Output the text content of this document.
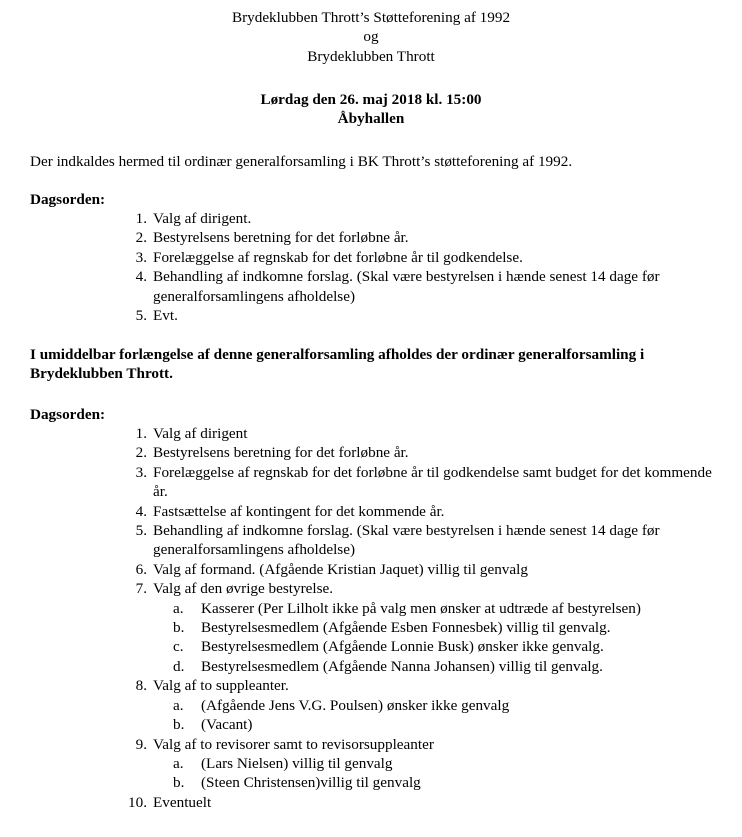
Brydeklubben Thrott’s Støtteforening af 1992
og
Brydeklubben Thrott
Lørdag den 26. maj 2018 kl. 15:00
Åbyhallen
Der indkaldes hermed til ordinær generalforsamling i BK Thrott’s støtteforening af 1992.
Dagsorden:
1. Valg af dirigent.
2. Bestyrelsens beretning for det forløbne år.
3. Forelæggelse af regnskab for det forløbne år til godkendelse.
4. Behandling af indkomne forslag. (Skal være bestyrelsen i hænde senest 14 dage før generalforsamlingens afholdelse)
5. Evt.
I umiddelbar forlængelse af denne generalforsamling afholdes der ordinær generalforsamling i Brydeklubben Thrott.
Dagsorden:
1. Valg af dirigent
2. Bestyrelsens beretning for det forløbne år.
3. Forelæggelse af regnskab for det forløbne år til godkendelse samt budget for det kommende år.
4. Fastsættelse af kontingent for det kommende år.
5. Behandling af indkomne forslag. (Skal være bestyrelsen i hænde senest 14 dage før generalforsamlingens afholdelse)
6. Valg af formand. (Afgående Kristian Jaquet) villig til genvalg
7. Valg af den øvrige bestyrelse.
a.	Kasserer (Per Lilholt ikke på valg men ønsker at udtræde af bestyrelsen)
b.	Bestyrelsesmedlem (Afgående Esben Fonnesbek) villig til genvalg.
c.	Bestyrelsesmedlem (Afgående Lonnie Busk) ønsker ikke genvalg.
d.	Bestyrelsesmedlem (Afgående Nanna Johansen) villig til genvalg.
8. Valg af to suppleanter.
a.	(Afgående Jens V.G. Poulsen) ønsker ikke genvalg
b.	(Vacant)
9. Valg af to revisorer samt to revisorsuppleanter
a.	(Lars Nielsen) villig til genvalg
b.	(Steen Christensen)villig til genvalg
10. Eventuelt
